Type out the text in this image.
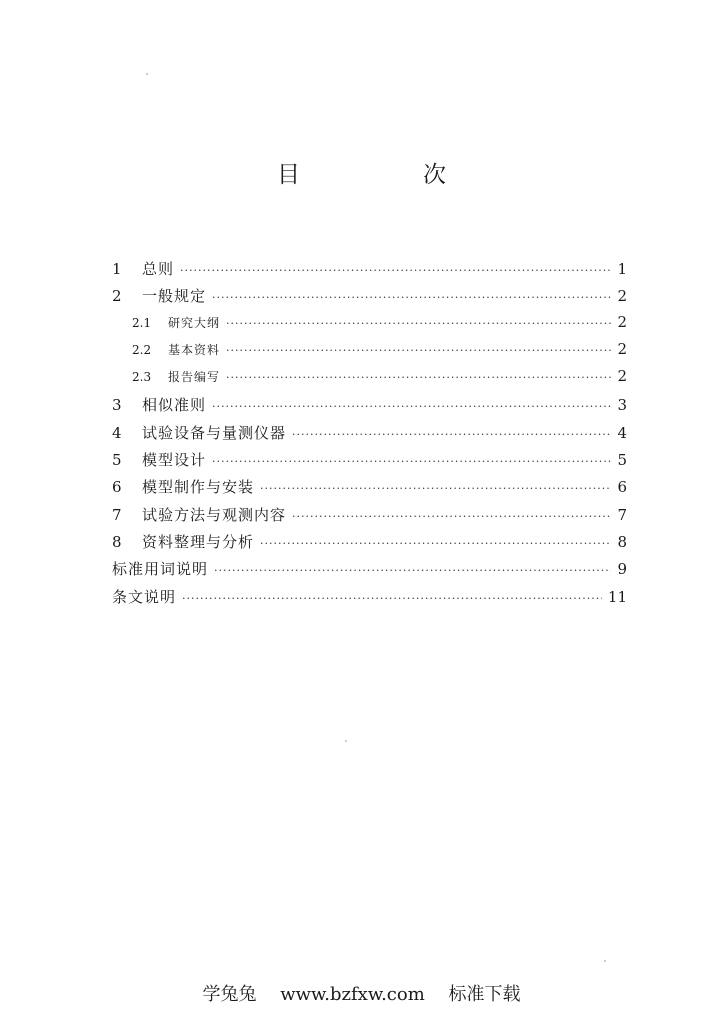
目　次
1	总则 ·····	1
2	一般规定 ·····	2
2.1	研究大纲 ·····	2
2.2	基本资料 ·····	2
2.3	报告编写 ·····	2
3	相似准则 ·····	3
4	试验设备与量测仪器 ·····	4
5	模型设计 ·····	5
6	模型制作与安装 ·····	6
7	试验方法与观测内容 ·····	7
8	资料整理与分析 ·····	8
标准用词说明 ·····	9
条文说明 ·····	11
学兔兔　 www.bzfxw.com　 标准下载
